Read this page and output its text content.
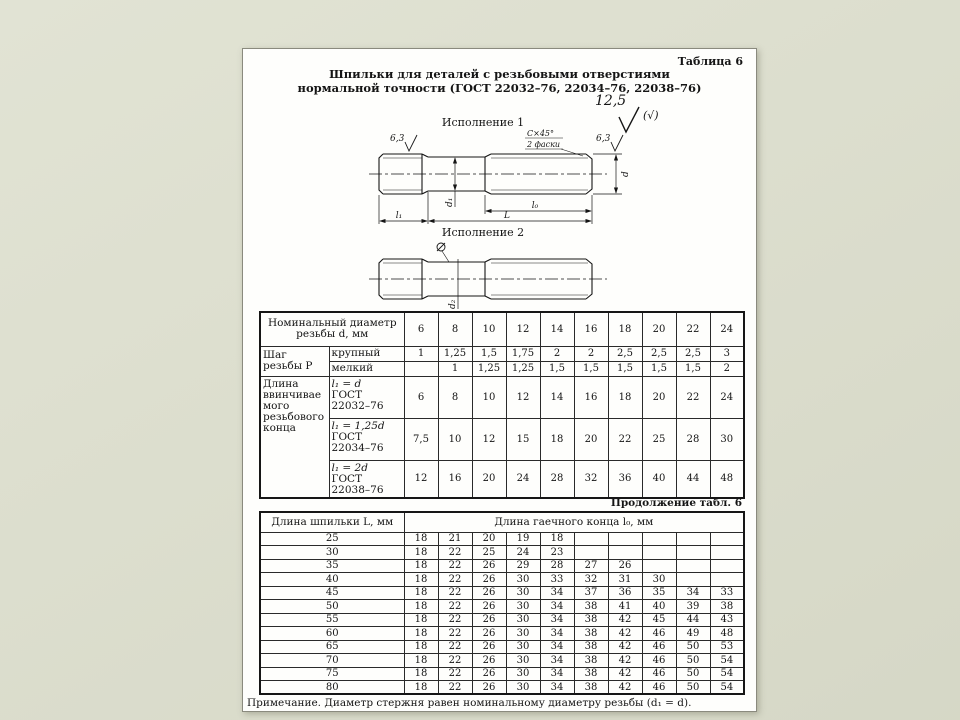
Таблица 6
Шпильки для деталей с резьбовыми отверстиями
нормальной точности (ГОСТ 22032–76, 22034–76, 22038–76)
12,5
(√)
Исполнение 1
6,3	6,3
С×45°
2 фаски
l₁
d₁	l₀
L
d
Исполнение 2
d₂
Номинальный диаметр резьбы d, мм		6	8	10	12	14	16	18	20	22	24
Шаг резьбы Р	крупный	1	1,25	1,5	1,75	2	2	2,5	2,5	2,5	3
	мелкий		1	1,25	1,25	1,5	1,5	1,5	1,5	1,5	2
Длина ввинчиваемого резьбового конца	l₁ = d
ГОСТ 22032–76	6	8	10	12	14	16	18	20	22	24

	l₁ = 1,25d
ГОСТ 22034–76	7,5	10	12	15	18	20	22	25	28	30

	l₁ = 2d
ГОСТ 22038–76	12	16	20	24	28	32	36	40	44	48
Продолжение табл. 6
Длина шпильки L, мм	Длина гаечного конца l₀, мм									
25	18	21	20	19	18					
30	18	22	25	24	23					
35	18	22	26	29	28	27	26			
40	18	22	26	30	33	32	31	30		
45	18	22	26	30	34	37	36	35	34	33
50	18	22	26	30	34	38	41	40	39	38
55	18	22	26	30	34	38	42	45	44	43
60	18	22	26	30	34	38	42	46	49	48
65	18	22	26	30	34	38	42	46	50	53
70	18	22	26	30	34	38	42	46	50	54
75	18	22	26	30	34	38	42	46	50	54
80	18	22	26	30	34	38	42	46	50	54
Примечание. Диаметр стержня равен номинальному диаметру резьбы (d₁ = d).
